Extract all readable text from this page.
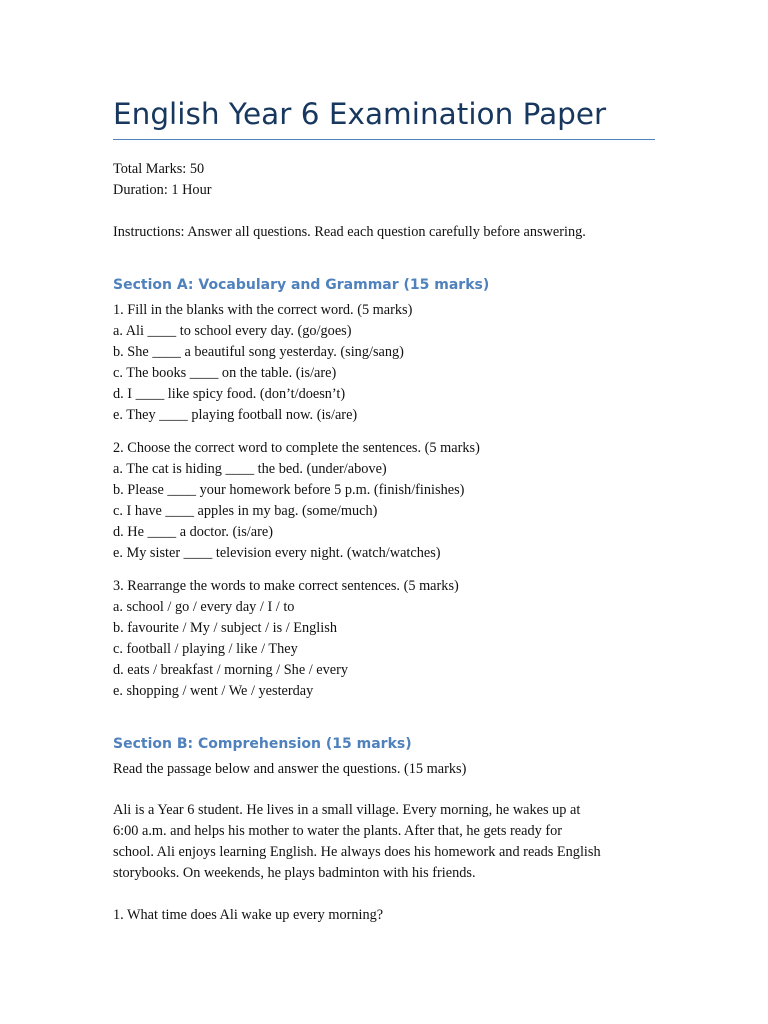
English Year 6 Examination Paper
Total Marks: 50
Duration: 1 Hour
Instructions: Answer all questions. Read each question carefully before answering.
Section A: Vocabulary and Grammar (15 marks)
1. Fill in the blanks with the correct word. (5 marks)
a. Ali ____ to school every day. (go/goes)
b. She ____ a beautiful song yesterday. (sing/sang)
c. The books ____ on the table. (is/are)
d. I ____ like spicy food. (don’t/doesn’t)
e. They ____ playing football now. (is/are)
2. Choose the correct word to complete the sentences. (5 marks)
a. The cat is hiding ____ the bed. (under/above)
b. Please ____ your homework before 5 p.m. (finish/finishes)
c. I have ____ apples in my bag. (some/much)
d. He ____ a doctor. (is/are)
e. My sister ____ television every night. (watch/watches)
3. Rearrange the words to make correct sentences. (5 marks)
a. school / go / every day / I / to
b. favourite / My / subject / is / English
c. football / playing / like / They
d. eats / breakfast / morning / She / every
e. shopping / went / We / yesterday
Section B: Comprehension (15 marks)
Read the passage below and answer the questions. (15 marks)
Ali is a Year 6 student. He lives in a small village. Every morning, he wakes up at
6:00 a.m. and helps his mother to water the plants. After that, he gets ready for
school. Ali enjoys learning English. He always does his homework and reads English
storybooks. On weekends, he plays badminton with his friends.
1. What time does Ali wake up every morning?
